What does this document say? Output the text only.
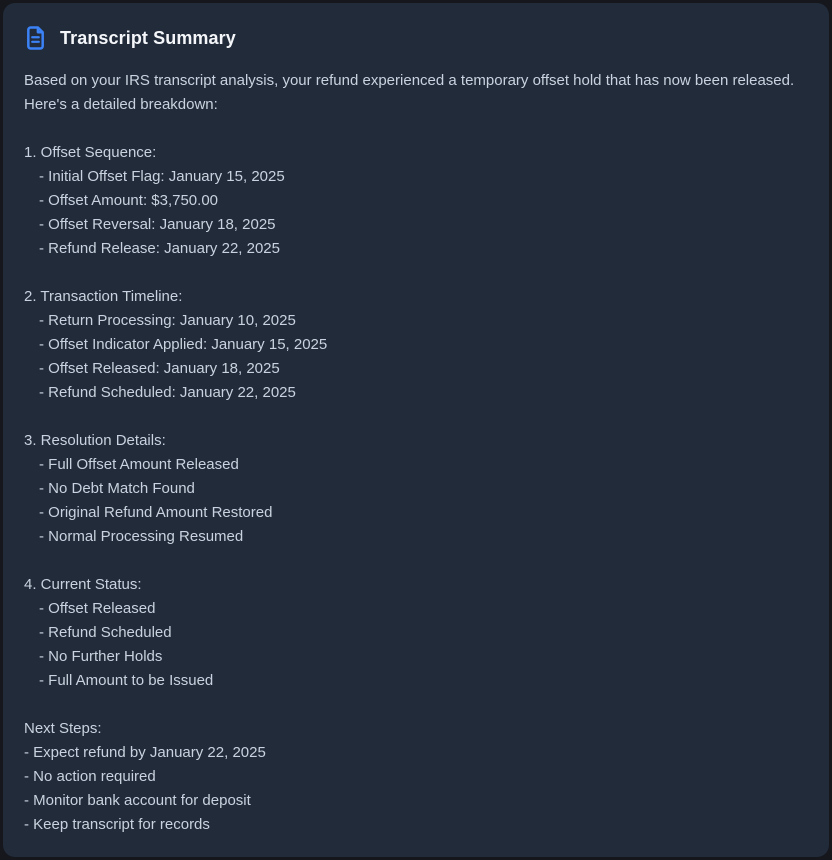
Transcript Summary

Based on your IRS transcript analysis, your refund experienced a temporary offset hold that has now been released. Here's a detailed breakdown:

1. Offset Sequence:
- Initial Offset Flag: January 15, 2025
- Offset Amount: $3,750.00
- Offset Reversal: January 18, 2025
- Refund Release: January 22, 2025
2. Transaction Timeline:
- Return Processing: January 10, 2025
- Offset Indicator Applied: January 15, 2025
- Offset Released: January 18, 2025
- Refund Scheduled: January 22, 2025
3. Resolution Details:
- Full Offset Amount Released
- No Debt Match Found
- Original Refund Amount Restored
- Normal Processing Resumed
4. Current Status:
- Offset Released
- Refund Scheduled
- No Further Holds
- Full Amount to be Issued
Next Steps:
- Expect refund by January 22, 2025
- No action required
- Monitor bank account for deposit
- Keep transcript for records
